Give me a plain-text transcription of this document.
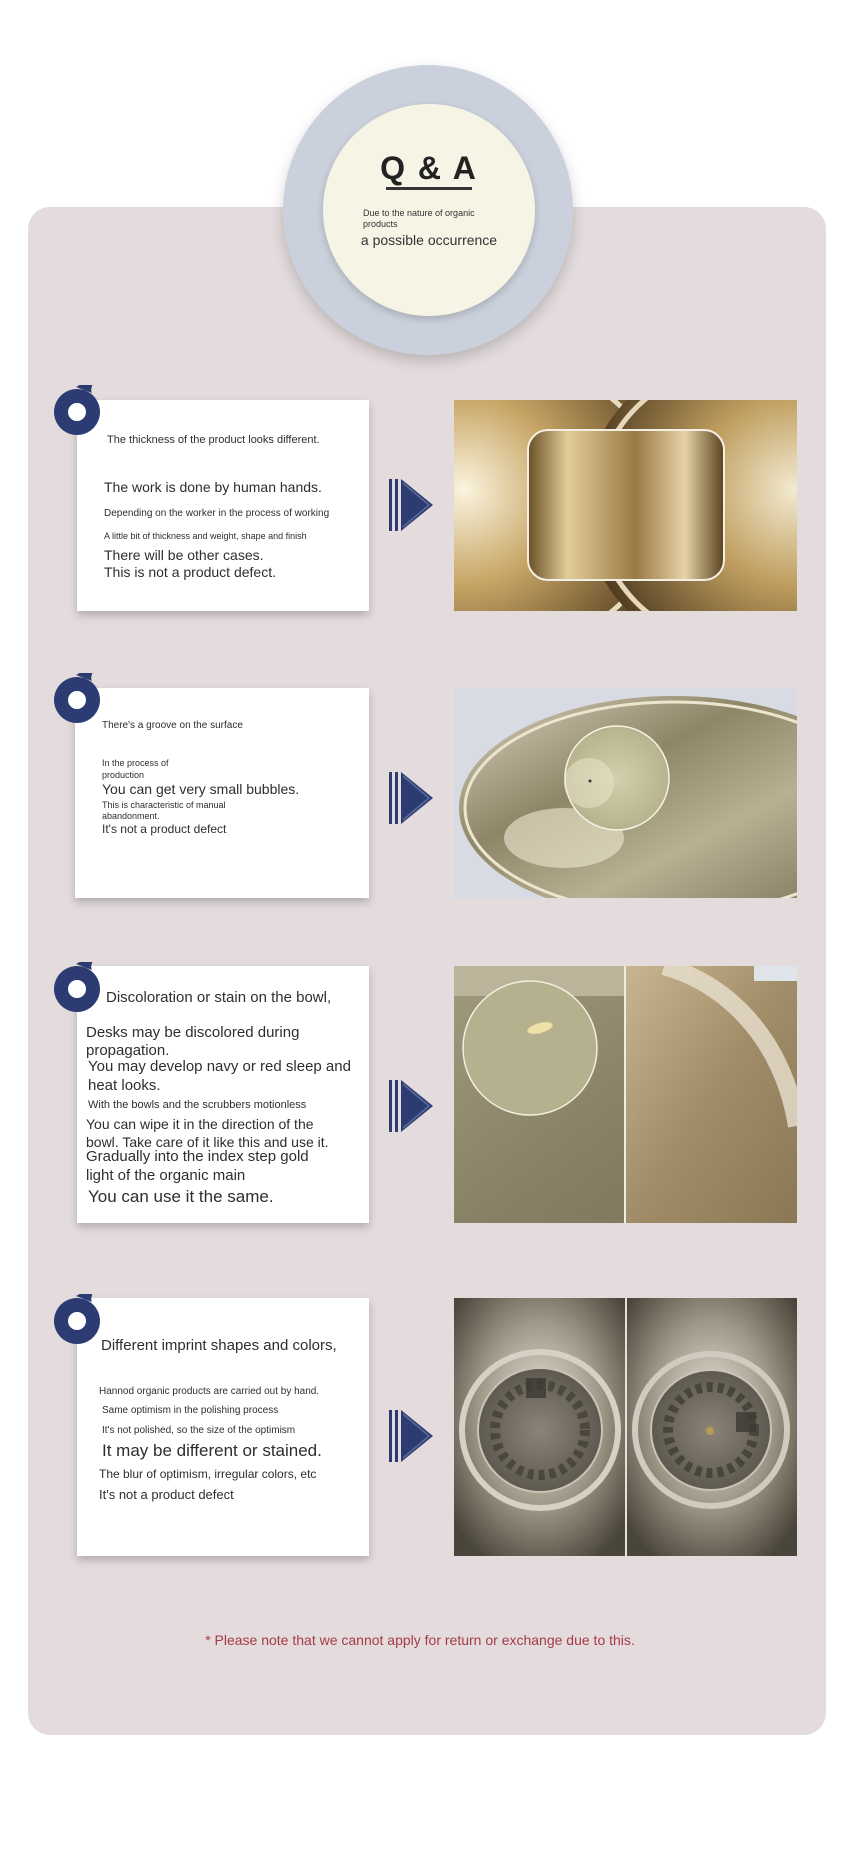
Q & A
Due to the nature of organic products
a possible occurrence
The thickness of the product looks different.
The work is done by human hands.
Depending on the worker in the process of working
A little bit of thickness and weight, shape and finish
There will be other cases.
This is not a product defect.
There's a groove on the surface
In the process of
production
You can get very small bubbles.
This is characteristic of manual
abandonment.
It's not a product defect
Discoloration or stain on the bowl,
Desks may be discolored during
propagation.
You may develop navy or red sleep and
heat looks.
With the bowls and the scrubbers motionless
You can wipe it in the direction of the
bowl. Take care of it like this and use it.
Gradually into the index step gold
light of the organic main
You can use it the same.
Different imprint shapes and colors,
Hannod organic products are carried out by hand.
Same optimism in the polishing process
It's not polished, so the size of the optimism
It may be different or stained.
The blur of optimism, irregular colors, etc
It's not a product defect
* Please note that we cannot apply for return or exchange due to this.
